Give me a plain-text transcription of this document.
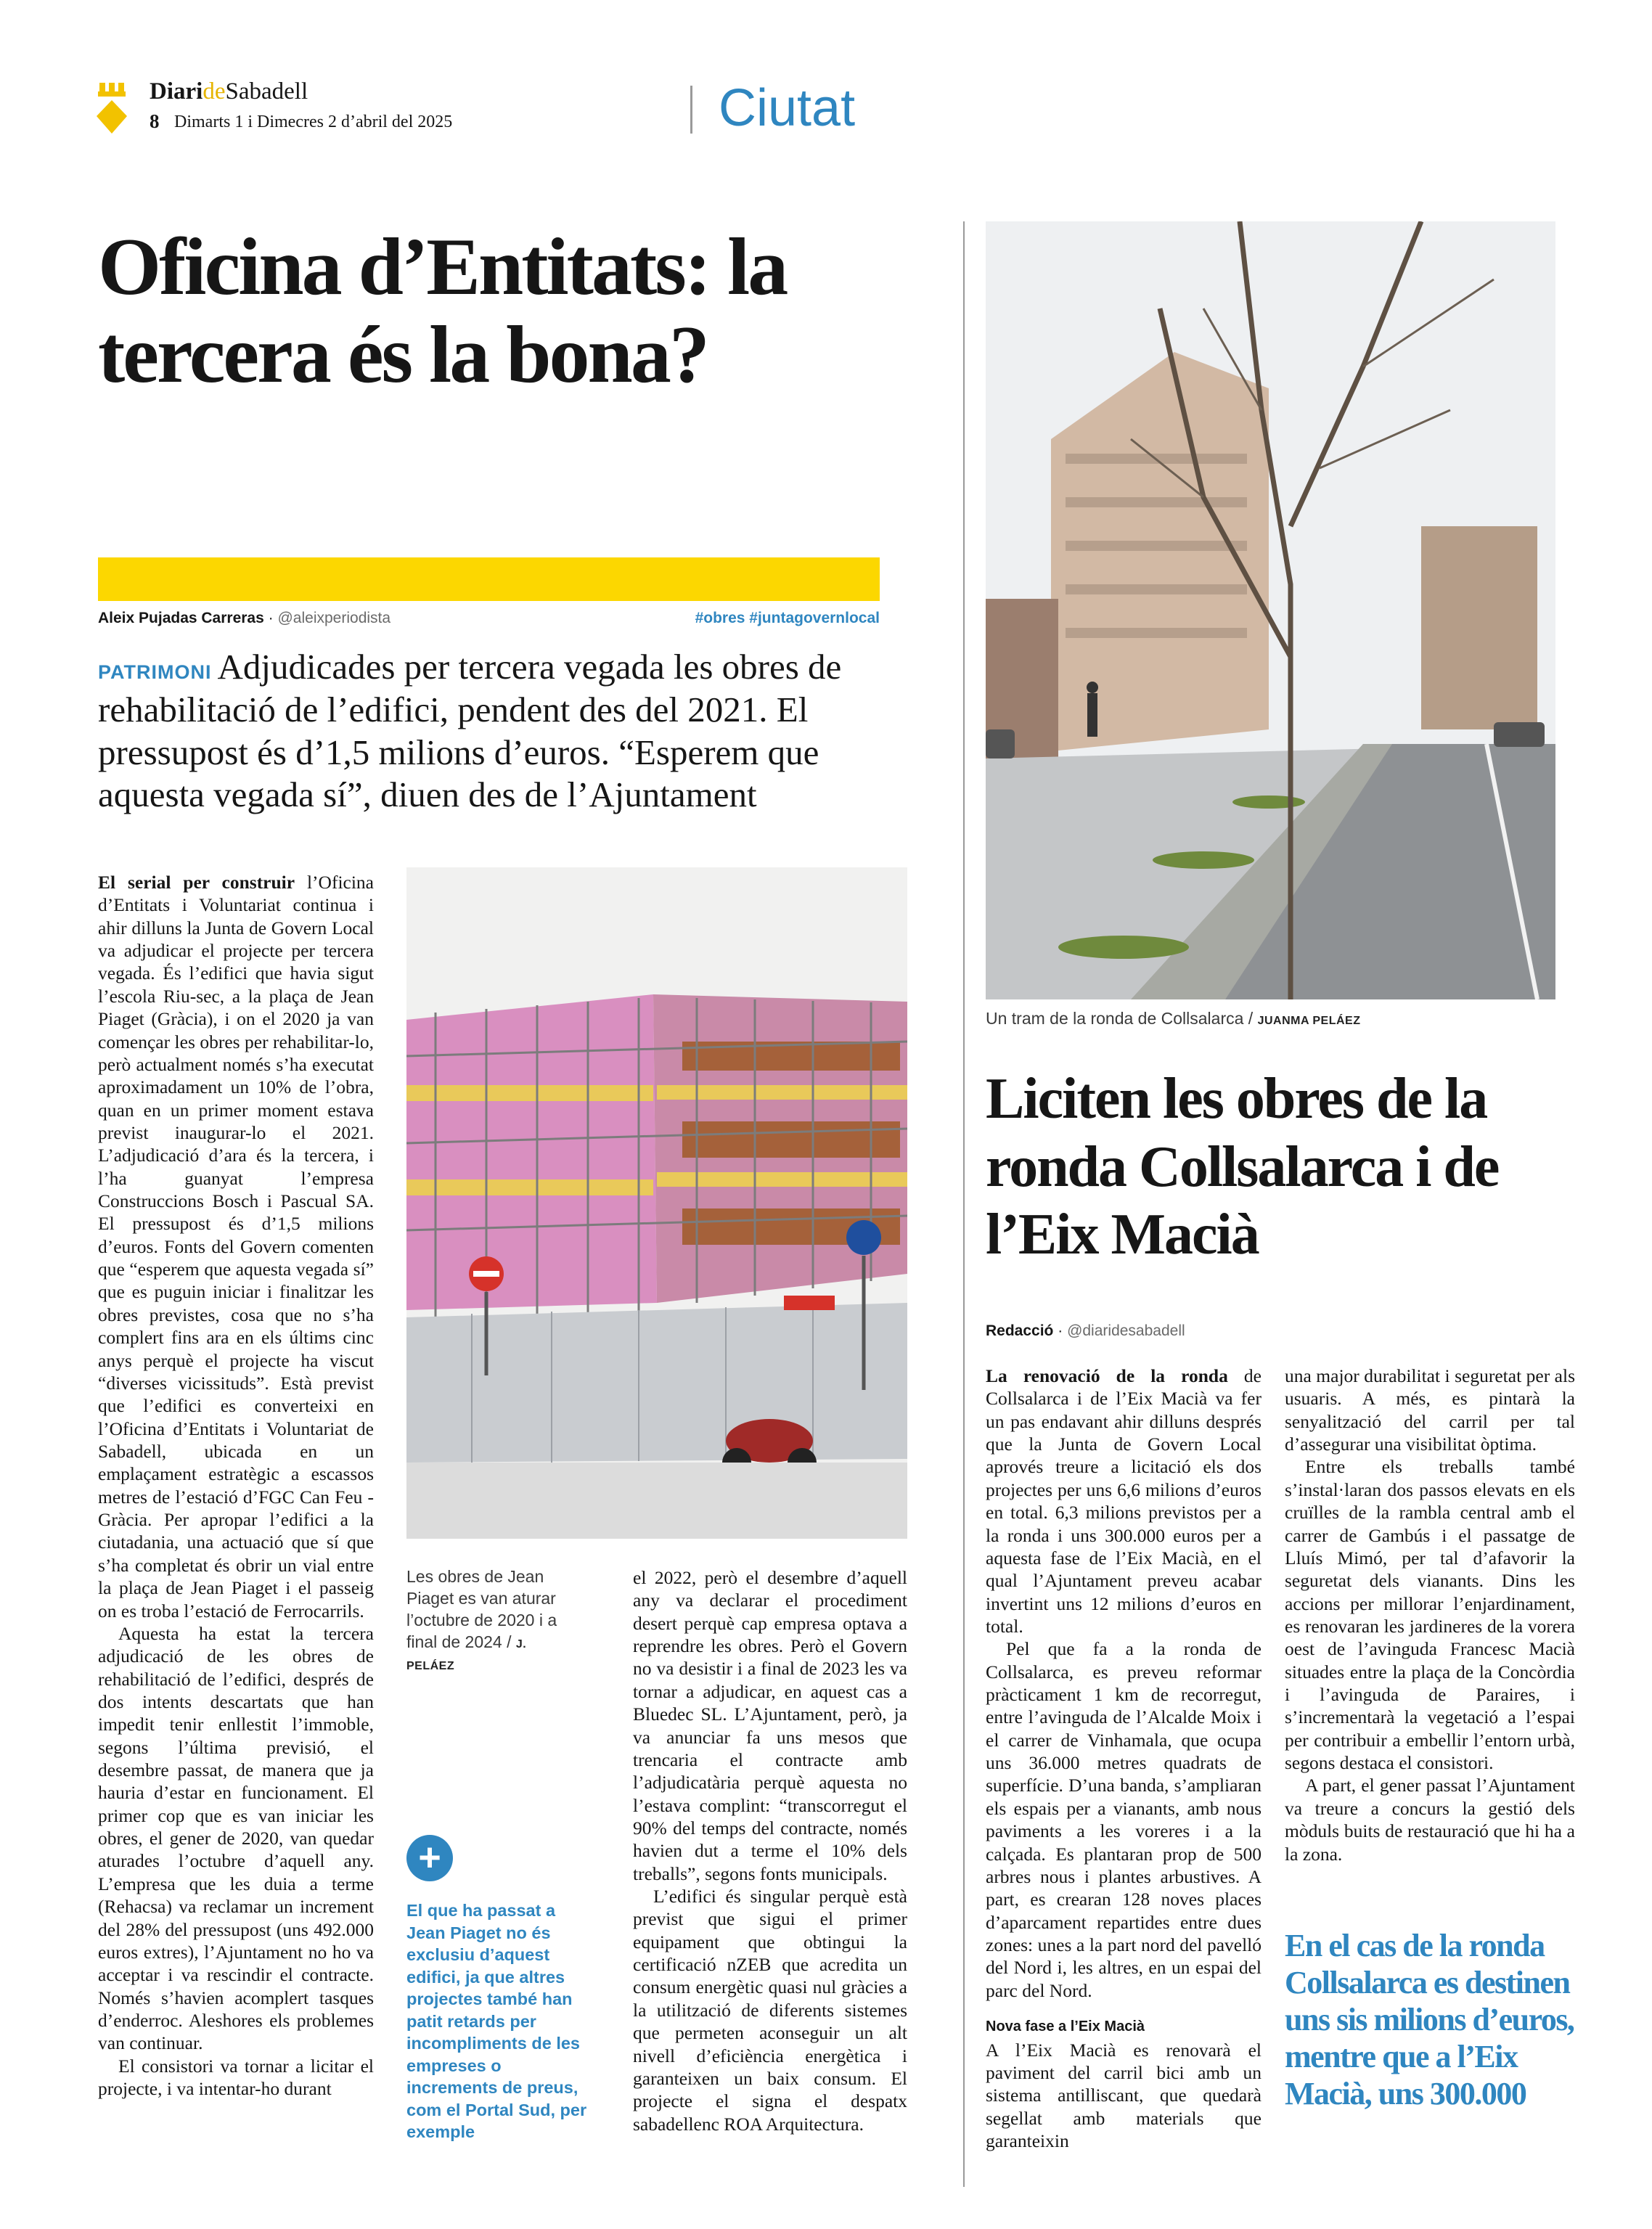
DiarideSabadell
8 Dimarts 1 i Dimecres 2 d’abril del 2025	Ciutat
Oficina d’Entitats: la tercera és la bona?
Aleix Pujadas Carreras · @aleixperiodista	#obres #juntagovernlocal

PATRIMONI Adjudicades per tercera vegada les obres de rehabilitació de l’edifici, pendent des del 2021. El pressupost és d’1,5 milions d’euros. “Esperem que aquesta vegada sí”, diuen des de l’Ajuntament

El serial per construir l’Oficina d’Entitats i Voluntariat continua i ahir dilluns la Junta de Govern Local va adjudicar el projecte per tercera vegada. És l’edifici que havia sigut l’escola Riu-sec, a la plaça de Jean Piaget (Gràcia), i on el 2020 ja van començar les obres per rehabilitar-lo, però actualment només s’ha executat aproximadament un 10% de l’obra, quan en un primer moment estava previst inaugurar-lo el 2021. L’adjudicació d’ara és la tercera, i l’ha guanyat l’empresa Construccions Bosch i Pascual SA. El pressupost és d’1,5 milions d’euros. Fonts del Govern comenten que “esperem que aquesta vegada sí” que es puguin iniciar i finalitzar les obres previstes, cosa que no s’ha complert fins ara en els últims cinc anys perquè el projecte ha viscut “diverses vicissituds”. Està previst que l’edifici es converteixi en l’Oficina d’Entitats i Voluntariat de Sabadell, ubicada en un emplaçament estratègic a escassos metres de l’estació d’FGC Can Feu - Gràcia. Per apropar l’edifici a la ciutadania, una actuació que sí que s’ha completat és obrir un vial entre la plaça de Jean Piaget i el passeig on es troba l’estació de Ferrocarrils.

Aquesta ha estat la tercera adjudicació de les obres de rehabilitació de l’edifici, després de dos intents descartats que han impedit tenir enllestit l’immoble, segons l’última previsió, el desembre passat, de manera que ja hauria d’estar en funcionament. El primer cop que es van iniciar les obres, el gener de 2020, van quedar aturades l’octubre d’aquell any. L’empresa que les duia a terme (Rehacsa) va reclamar un increment del 28% del pressupost (uns 492.000 euros extres), l’Ajuntament no ho va acceptar i va rescindir el contracte. Només s’havien acomplert tasques d’enderroc. Aleshores els problemes van continuar.

El consistori va tornar a licitar el projecte, i va intentar-ho durant

Les obres de Jean Piaget es van aturar l’octubre de 2020 i a final de 2024 / J. PELÁEZ
+
El que ha passat a Jean Piaget no és exclusiu d’aquest edifici, ja que altres projectes també han patit retards per incompliments de les empreses o increments de preus, com el Portal Sud, per exemple

el 2022, però el desembre d’aquell any va declarar el procediment desert perquè cap empresa optava a reprendre les obres. Però el Govern no va desistir i a final de 2023 les va tornar a adjudicar, en aquest cas a Bluedec SL. L’Ajuntament, però, ja va anunciar fa uns mesos que trencaria el contracte amb l’adjudicatària perquè aquesta no l’estava complint: “transcorregut el 90% del temps del contracte, només havien dut a terme el 10% dels treballs”, segons fonts municipals.

L’edifici és singular perquè està previst que sigui el primer equipament que obtingui la certificació nZEB que acredita un consum energètic quasi nul gràcies a la utilització de diferents sistemes que permeten aconseguir un alt nivell d’eficiència energètica i garanteixen un baix consum. El projecte el signa el despatx sabadellenc ROA Arquitectura.

Un tram de la ronda de Collsalarca / JUANMA PELÁEZ
Liciten les obres de la ronda Collsalarca i de l’Eix Macià
Redacció · @diaridesabadell

La renovació de la ronda de Collsalarca i de l’Eix Macià va fer un pas endavant ahir dilluns després que la Junta de Govern Local aprovés treure a licitació els dos projectes per uns 6,6 milions d’euros en total. 6,3 milions previstos per a la ronda i uns 300.000 euros per a aquesta fase de l’Eix Macià, en el qual l’Ajuntament preveu acabar invertint uns 12 milions d’euros en total.

Pel que fa a la ronda de Collsalarca, es preveu reformar pràcticament 1 km de recorregut, entre l’avinguda de l’Alcalde Moix i el carrer de Vinhamala, que ocupa uns 36.000 metres quadrats de superfície. D’una banda, s’ampliaran els espais per a vianants, amb nous paviments a les voreres i a la calçada. Es plantaran prop de 500 arbres nous i plantes arbustives. A part, es crearan 128 noves places d’aparcament repartides entre dues zones: unes a la part nord del pavelló del Nord i, les altres, en un espai del parc del Nord.

Nova fase a l’Eix Macià

A l’Eix Macià es renovarà el paviment del carril bici amb un sistema antilliscant, que quedarà segellat amb materials que garanteixin

una major durabilitat i seguretat per als usuaris. A més, es pintarà la senyalització del carril per tal d’assegurar una visibilitat òptima.

Entre els treballs també s’instal·laran dos passos elevats en els cruïlles de la rambla central amb el carrer de Gambús i el passatge de Lluís Mimó, per tal d’afavorir la seguretat dels vianants. Dins les accions per millorar l’enjardinament, es renovaran les jardineres de la vorera oest de l’avinguda Francesc Macià situades entre la plaça de la Concòrdia i l’avinguda de Paraires, i s’incrementarà la vegetació a l’espai per contribuir a embellir l’entorn urbà, segons destaca el consistori.

A part, el gener passat l’Ajuntament va treure a concurs la gestió dels mòduls buits de restauració que hi ha a la zona.

En el cas de la ronda Collsalarca es destinen uns sis milions d’euros, mentre que a l’Eix Macià, uns 300.000
